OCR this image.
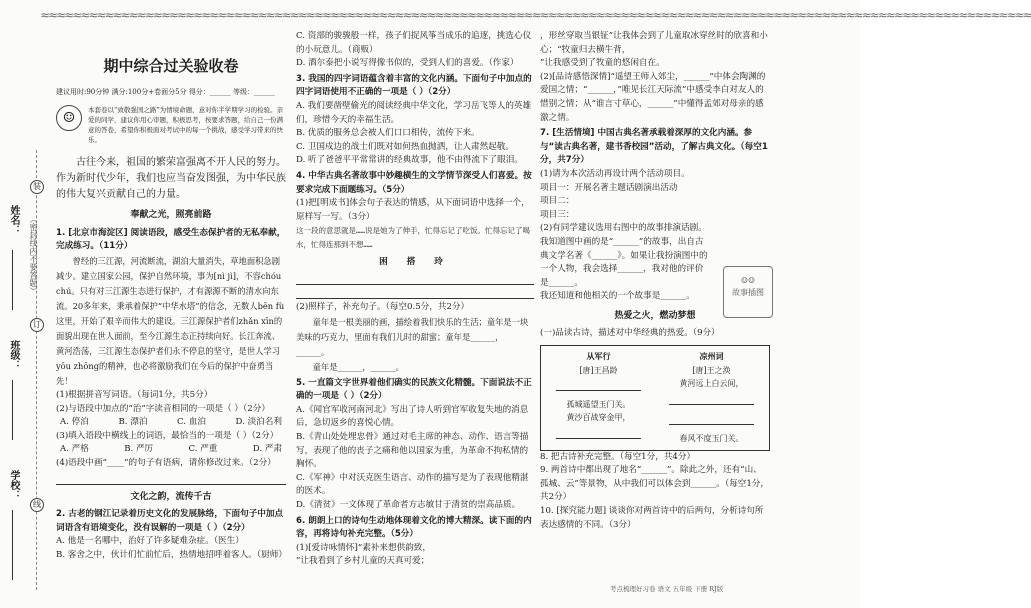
≈≈≈≈≈≈≈≈≈≈≈≈≈≈≈≈≈≈≈≈≈≈≈≈≈≈≈≈≈≈≈≈≈≈≈≈≈≈≈≈≈≈≈≈≈≈≈≈≈≈≈≈≈≈≈≈≈≈≈≈≈≈≈≈≈≈≈≈≈≈≈≈≈≈≈≈≈≈≈≈≈≈≈≈≈≈≈≈≈≈≈≈≈≈≈≈≈≈≈≈≈≈≈≈≈≈≈≈≈≈≈≈≈≈≈≈≈≈≈≈≈≈≈
姓名：
班级：
学校：
（密封线内不要答题）
装
订
线
期中综合过关验收卷
建议用时:90分钟 满分:100分+卷面分5分 得分：______ 等级：______
☺	本套卷以“致敬强国之路”为情境命题，意对你半学期学习的检验。亲爱的同学，建议你用心审题，积极思考，按要求答题，给自己一份满意的答卷，希望你积极面对考试中的每一个挑战，感受学习带来的快乐。
古往今来，祖国的繁荣富强离不开人民的努力。作为新时代少年，我们也应当奋发图强，为中华民族的伟大复兴贡献自己的力量。
奉献之光，照亮前路
1. [北京市海淀区] 阅读语段，感受生态保护者的无私奉献，完成练习。（11分）
曾经的三江源，河流断流，湖泊大量消失，草地面积急剧减少。建立国家公园，保护自然环境，事为[nì jì]，不容chóu chú。只有对三江源生态进行保护，才有源源不断的清水向东流。20多年来，秉承着保护“中华水塔”的信念，无数人bēn fù这里，开始了艰辛而伟大的建设。三江源保护者们zhǎn xīn的面貌出现在世人面前，至今江源生态正持续向好。长江奔流、黄河浩荡，三江源生态保护者们永不停息的坚守，是世人学习yōu zhōng的精神，也必将激励我们在今后的保护中奋勇当先！
(1)根据拼音写词语。（每词1分，共5分）
(2)与语段中加点的“治”字读音相同的一项是（ ）（2分）
A. 停泊	B. 漂泊	C. 血泊	D. 淡泊名利
(3)填入语段中横线上的词语，最恰当的一项是（ ）（2分）
A. 严格	B. 严厉	C. 严重	D. 严肃
(4)语段中画“____”的句子有语病，请你修改过来。（2分）
文化之韵，流传千古
2. 古老的钢江记录着历史文化的发展脉络，下面句子中加点词语含有语境变化，没有误解的一项是（ ）（2分）
A. 他是一名哪中，治好了许多疑难杂症。（医生）
B. 客舍之中，伙计们忙前忙后，热情地招呼着客人。（厨师）
C. 资部的骏骏般一样，孩子们捉风筝当成乐的追逐，挑选心仪的小玩意儿。（商贩）
D. 酒尔泰把小说写得像书似的，受到人们的喜爱。（作家）
3. 我国的四字词语蕴含着丰富的文化内涵。下面句子中加点的四字词语使用不正确的一项是（ ）（2分）
A. 我们要凿壁偷光的阅读经典中华文化，学习岳飞等人的英雄们，珍惜今天的幸福生活。
B. 优质的服务总会被人们口口相传，流传下来。
C. 卫国戍边的战士们既对如何热血抛洒，让人肃然起敬。
D. 听了爸爸平平常常讲的经典故事，他不由得流下了眼泪。
4. 中华古典名著故事中妙趣横生的文学情节深受人们喜爱。按要求完成下面题练习。（5分）
(1)把[明成书]体会句子表达的情感，从下面词语中选择一个，原样写一写。（3分）
这一段的意思就是……说是她为了伸手，忙得忘记了吃饭。忙得忘记了喝水，忙得连那到不想……
困 搭 玲
(2)照样子，补充句子。（每空0.5分，共2分）
童年是一根美丽的画，描绘着我们快乐的生活；童年是一块美味的巧克力，里面有我们儿时的甜蜜；童年是______，______。
童年是______，______。
5. 一直篇文字世界着他们确实的民族文化精髓。下面说法不正确的一项是（ ）（2分）
A.《闻官军收河南河北》写出了诗人听到官军收复失地的消息后，急切返乡的喜悦心情。
B.《青山处处埋忠骨》通过对毛主席的神态、动作、语言等描写，表现了他的丧子之痛和他以国家为重，为革命不拘私情的胸怀。
C.《军神》中对沃克医生语言、动作的描写是为了表现他精湛的医术。
D.《清贫》一文体现了革命者方志敏甘于清贫的崇高品质。
6. 朗朗上口的诗句生动地体现着文化的博大精深。读下面的内容，再将诗句补充完整。（5分）
(1)[爱诗咏情怀]“素补来想供韵致，
”让我看到了乡村儿童的天真可爱；
，形丝穿取当银钲”让我体会到了儿童取冰穿丝时的欣喜和小心；“牧童归去横牛背，
”让我感受到了牧童的悠闲自在。
(2)[品诗感悟深情]“遥望王师入郊尘，______”中体会陶渊的爱国之情；“______，”唯见长江天际流”中感受李白对友人的惜别之情；从“谁言寸草心，______”中懂得孟郊对母亲的感激之情。
7. [生活情境] 中国古典名著承载着深厚的文化内涵。参与“读古典名著，建书香校园”活动，了解古典文化。（每空1分，共7分）
(1)请为本次活动再设计两个活动项目。
项目一：开展名著主题话剧演出活动
项目二：
项目三：
(2)有同学建议选用右图中的故事排演话剧。我知道图中画的是“______”的故事，出自古典文学名著《______》。如果让我扮演图中的一个人物，我会选择______，我对他的评价是______。
我还知道和他相关的一个故事是______。
热爱之火，燃动梦想
(一)品读古诗，描述对中华经典的热爱。（9分）
从军行
[唐]王昌龄
孤城遥望玉门关。
黄沙百战穿金甲，
凉州词
[唐]王之涣
黄河远上白云间，

春风不度玉门关。
8. 把古诗补充完整。（每空1分，共4分）
9. 两首诗中都出现了地名“______”。除此之外，还有“山、孤城、云”等景物，从中我们可以体会到______。（每空1分，共2分）
10. [探究能力题] 谈谈你对两首诗中的后两句，分析诗句所表达感情的不同。（3分）
☺☺
故事插图
考点梳理好习卷 语文 五年级 下册 RJ版
